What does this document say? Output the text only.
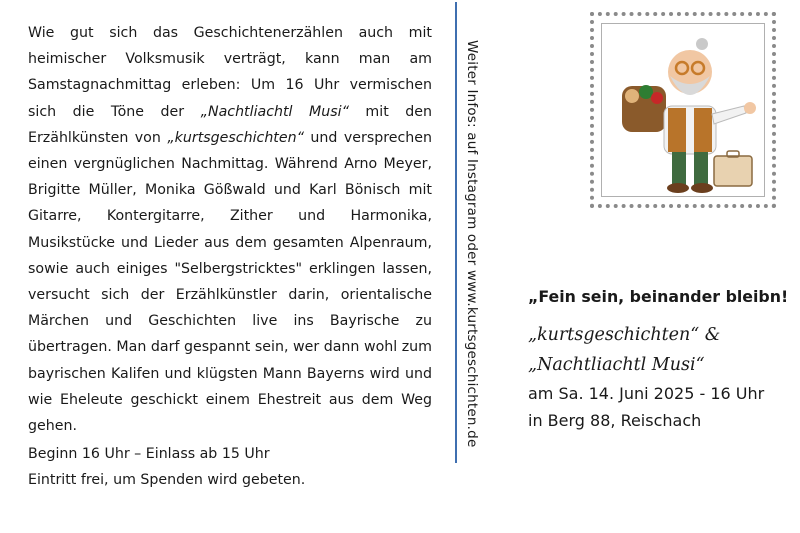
Wie gut sich das Geschichtenerzählen auch mit heimischer Volksmusik verträgt, kann man am Samstagnachmittag erleben: Um 16 Uhr vermischen sich die Töne der „Nachtliachtl Musi“ mit den Erzählkünsten von „kurtsgeschichten“ und versprechen einen vergnüglichen Nachmittag. Während Arno Meyer, Brigitte Müller, Monika Gößwald und Karl Bönisch mit Gitarre, Kontergitarre, Zither und Harmonika, Musikstücke und Lieder aus dem gesamten Alpenraum, sowie auch einiges "Selbergstricktes" erklingen lassen, versucht sich der Erzählkünstler darin, orientalische Märchen und Geschichten live ins Bayrische zu übertragen. Man darf gespannt sein, wer dann wohl zum bayrischen Kalifen und klügsten Mann Bayerns wird und wie Eheleute geschickt einem Ehestreit aus dem Weg gehen.

Beginn 16 Uhr – Einlass ab 15 Uhr
Eintritt frei, um Spenden wird gebeten.
Weiter Infos: auf Instagram oder www.kurtsgeschichten.de	„Fein sein, beinander bleibn!
„kurtsgeschichten“ &
„Nachtliachtl Musi“
am Sa. 14. Juni 2025 - 16 Uhr
in Berg 88, Reischach
